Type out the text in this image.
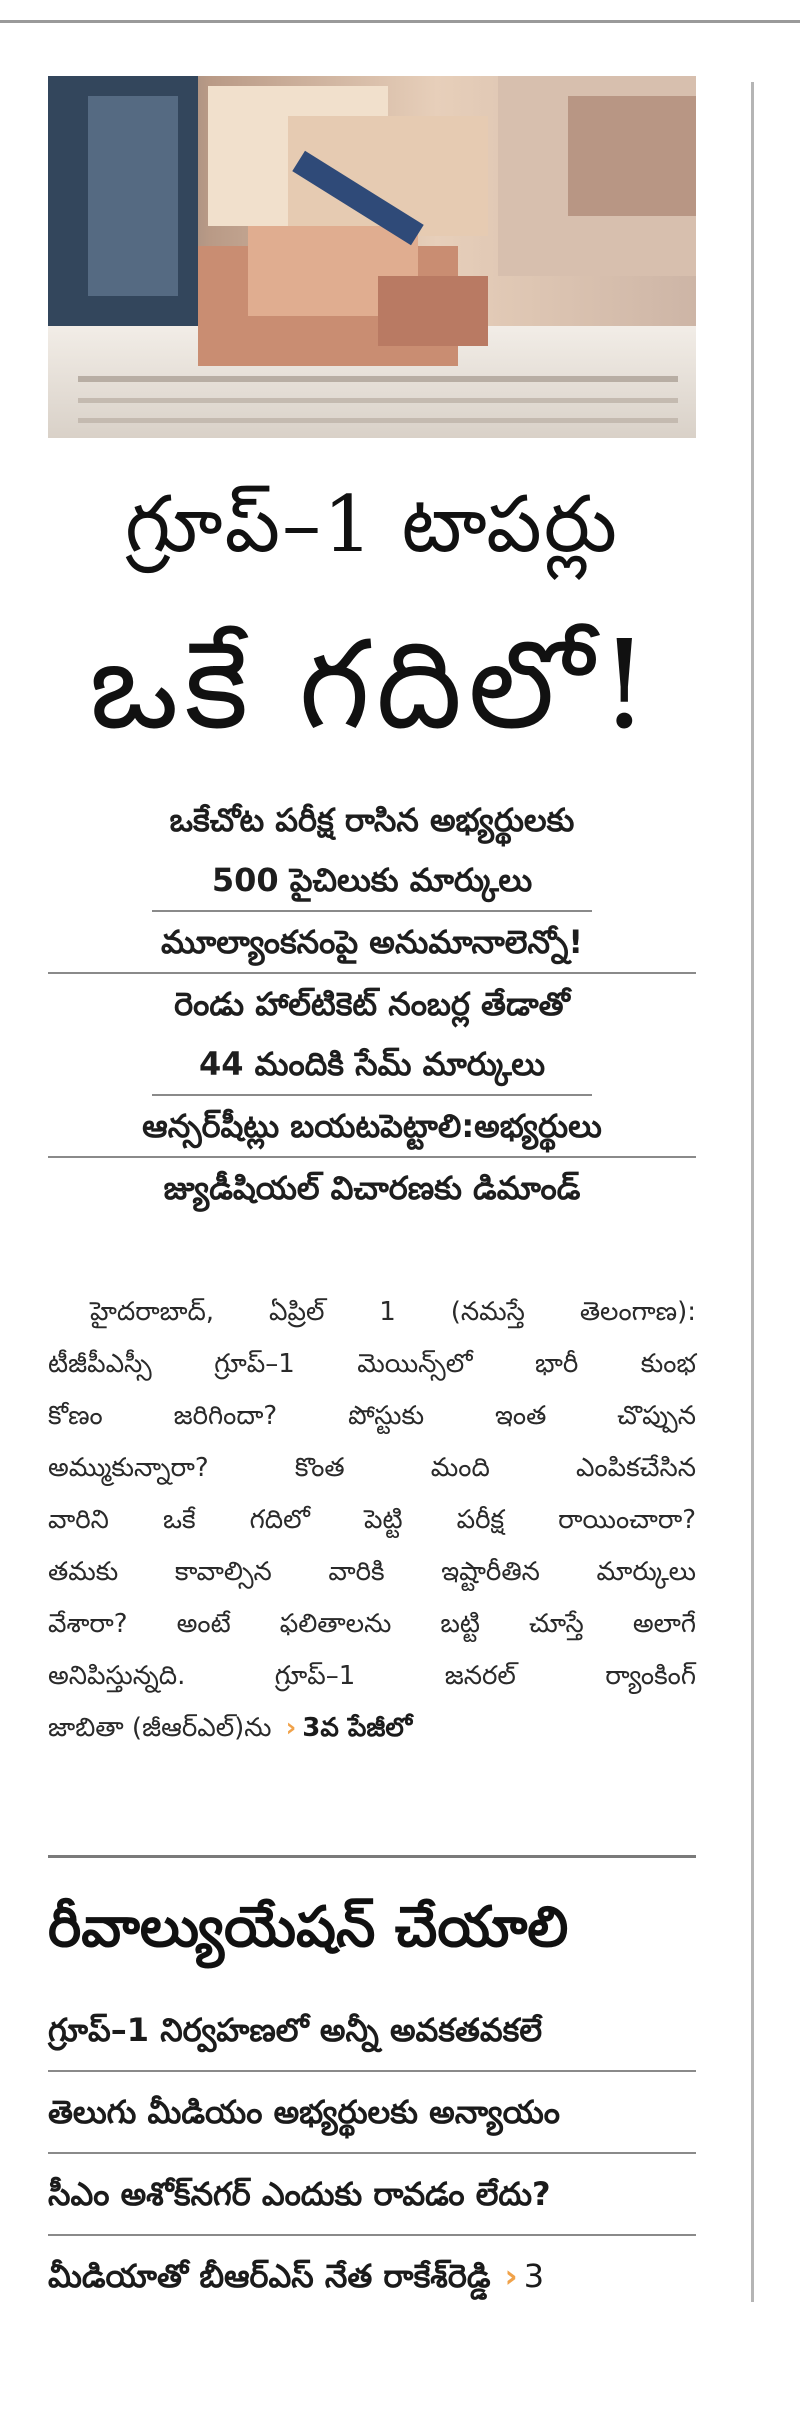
గ్రూప్–1 టాపర్లు
ఒకే గదిలో!
ఒకేచోట పరీక్ష రాసిన అభ్యర్థులకు
500 పైచిలుకు మార్కులు
మూల్యాంకనంపై అనుమానాలెన్నో!
రెండు హాల్‌టికెట్ నంబర్ల తేడాతో
44 మందికి సేమ్ మార్కులు
ఆన్సర్‌షీట్లు బయటపెట్టాలి:అభ్యర్థులు
జ్యుడీషియల్ విచారణకు డిమాండ్
హైదరాబాద్, ఏప్రిల్ 1 (నమస్తే తెలంగాణ):
టీజీపీఎస్సీ గ్రూప్–1 మెయిన్స్‌లో భారీ కుంభ
కోణం జరిగిందా? పోస్టుకు ఇంత చొప్పున
అమ్ముకున్నారా? కొంత మంది ఎంపికచేసిన
వారిని ఒకే గదిలో పెట్టి పరీక్ష రాయించారా?
తమకు కావాల్సిన వారికి ఇష్టారీతిన మార్కులు
వేశారా? అంటే ఫలితాలను బట్టి చూస్తే అలాగే
అనిపిస్తున్నది. గ్రూప్–1 జనరల్ ర్యాంకింగ్
జాబితా (జీఆర్‌ఎల్)ను › 3వ పేజీలో
రీవాల్యుయేషన్ చేయాలి
గ్రూప్–1 నిర్వహణలో అన్నీ అవకతవకలే
తెలుగు మీడియం అభ్యర్థులకు అన్యాయం
సీఎం అశోక్‌నగర్ ఎందుకు రావడం లేదు?
మీడియాతో బీఆర్‌ఎస్ నేత రాకేశ్‌రెడ్డి › 3
